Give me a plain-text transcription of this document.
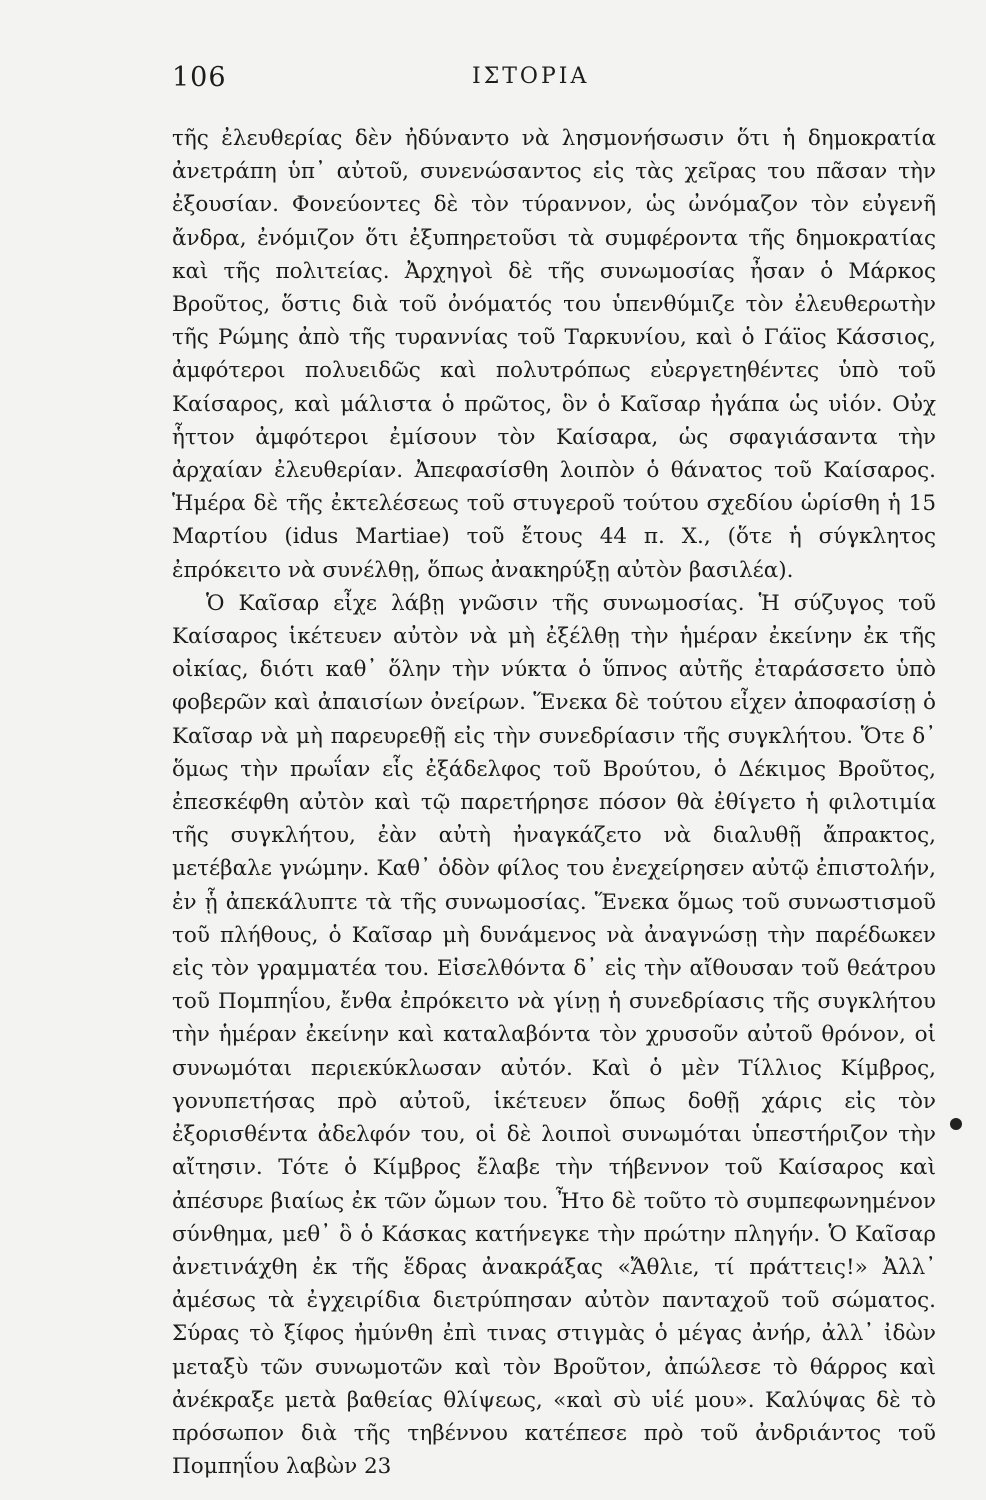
106	ΙΣΤΟΡΙΑ

τῆς ἐλευθερίας δὲν ἠδύναντο νὰ λησμονήσωσιν ὅτι ἡ δημοκρατία ἀνετράπη ὑπ᾽ αὐτοῦ, συνενώσαντος εἰς τὰς χεῖρας του πᾶσαν τὴν ἐξουσίαν. Φονεύοντες δὲ τὸν τύραννον, ὡς ὠνόμαζον τὸν εὐγενῆ ἄνδρα, ἐνόμιζον ὅτι ἐξυπηρετοῦσι τὰ συμφέροντα τῆς δημοκρατίας καὶ τῆς πολιτείας. Ἀρχηγοὶ δὲ τῆς συνωμοσίας ἦσαν ὁ Μάρκος Βροῦτος, ὅστις διὰ τοῦ ὀνόματός του ὑπενθύμιζε τὸν ἐλευθερωτὴν τῆς Ρώμης ἀπὸ τῆς τυραννίας τοῦ Ταρκυνίου, καὶ ὁ Γάϊος Κάσσιος, ἀμφότεροι πολυειδῶς καὶ πολυτρόπως εὐεργετηθέντες ὑπὸ τοῦ Καίσαρος, καὶ μάλιστα ὁ πρῶτος, ὃν ὁ Καῖσαρ ἠγάπα ὡς υἱόν. Οὐχ ἧττον ἀμφότεροι ἐμίσουν τὸν Καίσαρα, ὡς σφαγιάσαντα τὴν ἀρχαίαν ἐλευθερίαν. Ἀπεφασίσθη λοιπὸν ὁ θάνατος τοῦ Καίσαρος. Ἡμέρα δὲ τῆς ἐκτελέσεως τοῦ στυγεροῦ τούτου σχεδίου ὡρίσθη ἡ 15 Μαρτίου (idus Martiae) τοῦ ἔτους 44 π. Χ., (ὅτε ἡ σύγκλητος ἐπρόκειτο νὰ συνέλθῃ, ὅπως ἀνακηρύξῃ αὐτὸν βασιλέα).

Ὁ Καῖσαρ εἶχε λάβῃ γνῶσιν τῆς συνωμοσίας. Ἡ σύζυγος τοῦ Καίσαρος ἱκέτευεν αὐτὸν νὰ μὴ ἐξέλθῃ τὴν ἡμέραν ἐκείνην ἐκ τῆς οἰκίας, διότι καθ᾽ ὅλην τὴν νύκτα ὁ ὕπνος αὐτῆς ἐταράσσετο ὑπὸ φοβερῶν καὶ ἀπαισίων ὀνείρων. Ἕνεκα δὲ τούτου εἶχεν ἀποφασίσῃ ὁ Καῖσαρ νὰ μὴ παρευρεθῇ εἰς τὴν συνεδρίασιν τῆς συγκλήτου. Ὅτε δ᾽ ὅμως τὴν πρωΐαν εἷς ἐξάδελφος τοῦ Βρούτου, ὁ Δέκιμος Βροῦτος, ἐπεσκέφθη αὐτὸν καὶ τῷ παρετήρησε πόσον θὰ ἐθίγετο ἡ φιλοτιμία τῆς συγκλήτου, ἐὰν αὐτὴ ἠναγκάζετο νὰ διαλυθῇ ἄπρακτος, μετέβαλε γνώμην. Καθ᾽ ὁδὸν φίλος του ἐνεχείρησεν αὐτῷ ἐπιστολήν, ἐν ᾗ ἀπεκάλυπτε τὰ τῆς συνωμοσίας. Ἕνεκα ὅμως τοῦ συνωστισμοῦ τοῦ πλήθους, ὁ Καῖσαρ μὴ δυνάμενος νὰ ἀναγνώσῃ τὴν παρέδωκεν εἰς τὸν γραμματέα του. Εἰσελθόντα δ᾽ εἰς τὴν αἴθουσαν τοῦ θεάτρου τοῦ Πομπηΐου, ἔνθα ἐπρόκειτο νὰ γίνῃ ἡ συνεδρίασις τῆς συγκλήτου τὴν ἡμέραν ἐκείνην καὶ καταλαβόντα τὸν χρυσοῦν αὐτοῦ θρόνον, οἱ συνωμόται περιεκύκλωσαν αὐτόν. Καὶ ὁ μὲν Τίλλιος Κίμβρος, γονυπετήσας πρὸ αὐτοῦ, ἱκέτευεν ὅπως δοθῇ χάρις εἰς τὸν ἐξορισθέντα ἀδελφόν του, οἱ δὲ λοιποὶ συνωμόται ὑπεστήριζον τὴν αἴτησιν. Τότε ὁ Κίμβρος ἔλαβε τὴν τήβεννον τοῦ Καίσαρος καὶ ἀπέσυρε βιαίως ἐκ τῶν ὤμων του. Ἦτο δὲ τοῦτο τὸ συμπεφωνημένον σύνθημα, μεθ᾽ ὃ ὁ Κάσκας κατήνεγκε τὴν πρώτην πληγήν. Ὁ Καῖσαρ ἀνετινάχθη ἐκ τῆς ἕδρας ἀνακράξας «Ἄθλιε, τί πράττεις!» Ἀλλ᾽ ἀμέσως τὰ ἐγχειρίδια διετρύπησαν αὐτὸν πανταχοῦ τοῦ σώματος. Σύρας τὸ ξίφος ἠμύνθη ἐπὶ τινας στιγμὰς ὁ μέγας ἀνήρ, ἀλλ᾽ ἰδὼν μεταξὺ τῶν συνωμοτῶν καὶ τὸν Βροῦτον, ἀπώλεσε τὸ θάρρος καὶ ἀνέκραξε μετὰ βαθείας θλίψεως, «καὶ σὺ υἱέ μου». Καλύψας δὲ τὸ πρόσωπον διὰ τῆς τηβέννου κατέπεσε πρὸ τοῦ ἀνδριάντος τοῦ Πομπηΐου λαβὼν 23
